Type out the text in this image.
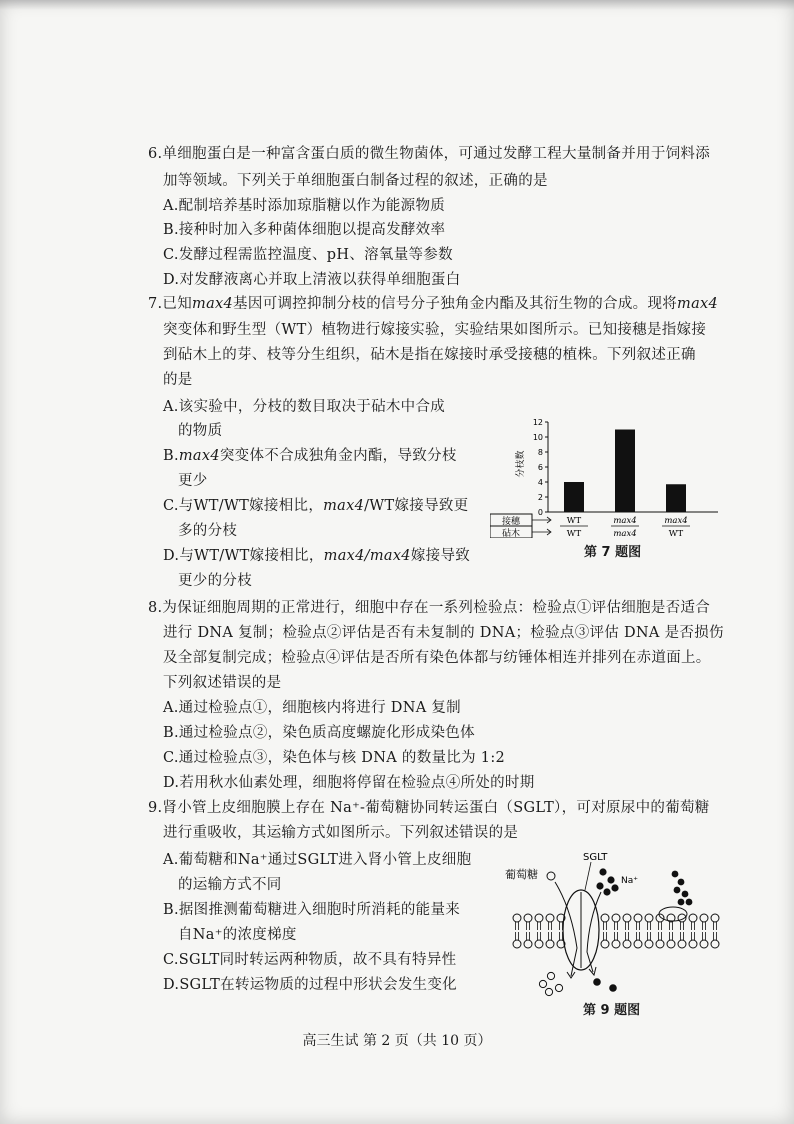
6.单细胞蛋白是一种富含蛋白质的微生物菌体，可通过发酵工程大量制备并用于饲料添
加等领域。下列关于单细胞蛋白制备过程的叙述，正确的是
A.配制培养基时添加琼脂糖以作为能源物质
B.接种时加入多种菌体细胞以提高发酵效率
C.发酵过程需监控温度、pH、溶氧量等参数
D.对发酵液离心并取上清液以获得单细胞蛋白
7.已知max4基因可调控抑制分枝的信号分子独角金内酯及其衍生物的合成。现将max4
突变体和野生型（WT）植物进行嫁接实验，实验结果如图所示。已知接穗是指嫁接
到砧木上的芽、枝等分生组织，砧木是指在嫁接时承受接穗的植株。下列叙述正确
的是
A.该实验中，分枝的数目取决于砧木中合成
的物质
B.max4突变体不合成独角金内酯，导致分枝
更少
C.与WT/WT嫁接相比，max4/WT嫁接导致更
多的分枝
D.与WT/WT嫁接相比，max4/max4嫁接导致
更少的分枝
分枝数
0
2
4
6
8
10
12
接穗
砧木
WT
WT
max4
max4
max4
WT
第 7 题图
8.为保证细胞周期的正常进行，细胞中存在一系列检验点：检验点①评估细胞是否适合
进行 DNA 复制；检验点②评估是否有未复制的 DNA；检验点③评估 DNA 是否损伤
及全部复制完成；检验点④评估是否所有染色体都与纺锤体相连并排列在赤道面上。
下列叙述错误的是
A.通过检验点①，细胞核内将进行 DNA 复制
B.通过检验点②，染色质高度螺旋化形成染色体
C.通过检验点③，染色体与核 DNA 的数量比为 1:2
D.若用秋水仙素处理，细胞将停留在检验点④所处的时期
9.肾小管上皮细胞膜上存在 Na⁺-葡萄糖协同转运蛋白（SGLT），可对原尿中的葡萄糖
进行重吸收，其运输方式如图所示。下列叙述错误的是
A.葡萄糖和Na⁺通过SGLT进入肾小管上皮细胞
的运输方式不同
B.据图推测葡萄糖进入细胞时所消耗的能量来
自Na⁺的浓度梯度
C.SGLT同时转运两种物质，故不具有特异性
D.SGLT在转运物质的过程中形状会发生变化
SGLT
葡萄糖	Na⁺
第 9 题图
高三生试 第 2 页（共 10 页）
